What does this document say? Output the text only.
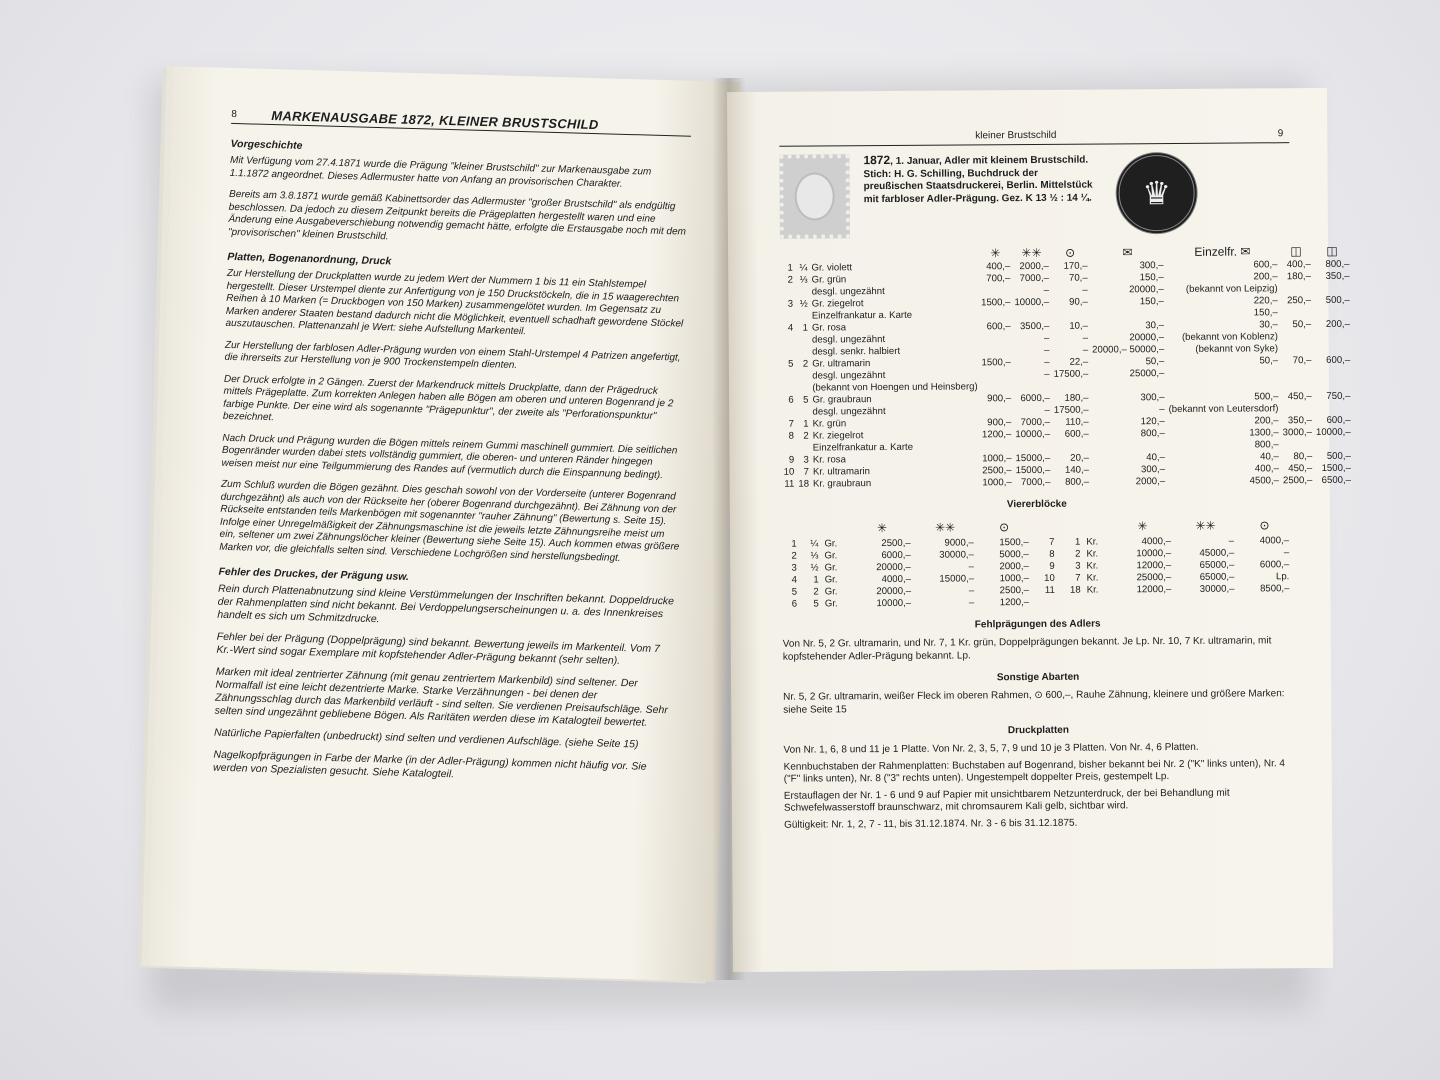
8	MARKENAUSGABE 1872, KLEINER BRUSTSCHILD
Vorgeschichte

Mit Verfügung vom 27.4.1871 wurde die Prägung "kleiner Brustschild" zur Markenausgabe zum 1.1.1872 angeordnet. Dieses Adlermuster hatte von Anfang an provisorischen Charakter.

Bereits am 3.8.1871 wurde gemäß Kabinettsorder das Adlermuster "großer Brustschild" als endgültig beschlossen. Da jedoch zu diesem Zeitpunkt bereits die Prägeplatten hergestellt waren und eine Änderung eine Ausgabeverschiebung notwendig gemacht hätte, erfolgte die Erstausgabe noch mit dem "provisorischen" kleinen Brustschild.

Platten, Bogenanordnung, Druck

Zur Herstellung der Druckplatten wurde zu jedem Wert der Nummern 1 bis 11 ein Stahlstempel hergestellt. Dieser Urstempel diente zur Anfertigung von je 150 Druckstöckeln, die in 15 waagerechten Reihen à 10 Marken (= Druckbogen von 150 Marken) zusammengelötet wurden. Im Gegensatz zu Marken anderer Staaten bestand dadurch nicht die Möglichkeit, eventuell schadhaft gewordene Stöckel auszutauschen. Plattenanzahl je Wert: siehe Aufstellung Markenteil.

Zur Herstellung der farblosen Adler-Prägung wurden von einem Stahl-Urstempel 4 Patrizen angefertigt, die ihrerseits zur Herstellung von je 900 Trockenstempeln dienten.

Der Druck erfolgte in 2 Gängen. Zuerst der Markendruck mittels Druckplatte, dann der Prägedruck mittels Prägeplatte. Zum korrekten Anlegen haben alle Bögen am oberen und unteren Bogenrand je 2 farbige Punkte. Der eine wird als sogenannte "Prägepunktur", der zweite als "Perforationspunktur" bezeichnet.

Nach Druck und Prägung wurden die Bögen mittels reinem Gummi maschinell gummiert. Die seitlichen Bogenränder wurden dabei stets vollständig gummiert, die oberen- und unteren Ränder hingegen weisen meist nur eine Teilgummierung des Randes auf (vermutlich durch die Einspannung bedingt).

Zum Schluß wurden die Bögen gezähnt. Dies geschah sowohl von der Vorderseite (unterer Bogenrand durchgezähnt) als auch von der Rückseite her (oberer Bogenrand durchgezähnt). Bei Zähnung von der Rückseite entstanden teils Markenbögen mit sogenannter "rauher Zähnung" (Bewertung s. Seite 15). Infolge einer Unregelmäßigkeit der Zähnungsmaschine ist die jeweils letzte Zähnungsreihe meist um ein, seltener um zwei Zähnungslöcher kleiner (Bewertung siehe Seite 15). Auch kommen etwas größere Marken vor, die gleichfalls selten sind. Verschiedene Lochgrößen sind herstellungsbedingt.

Fehler des Druckes, der Prägung usw.

Rein durch Plattenabnutzung sind kleine Verstümmelungen der Inschriften bekannt. Doppeldrucke der Rahmenplatten sind nicht bekannt. Bei Verdoppelungserscheinungen u. a. des Innenkreises handelt es sich um Schmitzdrucke.

Fehler bei der Prägung (Doppelprägung) sind bekannt. Bewertung jeweils im Markenteil. Vom 7 Kr.-Wert sind sogar Exemplare mit kopfstehender Adler-Prägung bekannt (sehr selten).

Marken mit ideal zentrierter Zähnung (mit genau zentriertem Markenbild) sind seltener. Der Normalfall ist eine leicht dezentrierte Marke. Starke Verzähnungen - bei denen der Zähnungsschlag durch das Markenbild verläuft - sind selten. Sie verdienen Preisaufschläge. Sehr selten sind ungezähnt gebliebene Bögen. Als Raritäten werden diese im Katalogteil bewertet.

Natürliche Papierfalten (unbedruckt) sind selten und verdienen Aufschläge. (siehe Seite 15)

Nagelkopfprägungen in Farbe der Marke (in der Adler-Prägung) kommen nicht häufig vor. Sie werden von Spezialisten gesucht. Siehe Katalogteil.

kleiner Brustschild	9
1872, 1. Januar, Adler mit kleinem Brustschild. Stich: H. G. Schilling, Buchdruck der preußischen Staatsdruckerei, Berlin. Mittelstück mit farbloser Adler-Prägung. Gez. K 13 ½ : 14 ¼.	♛
			✳	✳✳	⊙	✉	Einzelfr. ✉	◫	◫
1	¼	Gr. violett	400,–	2000,–	170,–	300,–	600,–	400,–	800,–
2	⅓	Gr. grün	700,–	7000,–	70,–	150,–	200,–	180,–	350,–
		desgl. ungezähnt		–	–	20000,–	(bekannt von Leipzig)		
3	½	Gr. ziegelrot	1500,–	10000,–	90,–	150,–	220,–	250,–	500,–
		Einzelfrankatur a. Karte					150,–		
4	1	Gr. rosa	600,–	3500,–	10,–	30,–	30,–	50,–	200,–
		desgl. ungezähnt		–	–	20000,–	(bekannt von Koblenz)		
		desgl. senkr. halbiert		–	–	20000,– 50000,–	(bekannt von Syke)		
5	2	Gr. ultramarin	1500,–	–	22,–	50,–	50,–	70,–	600,–
		desgl. ungezähnt		–	17500,–	25000,–			
		(bekannt von Hoengen und Heinsberg)							
6	5	Gr. graubraun	900,–	6000,–	180,–	300,–	500,–	450,–	750,–
		desgl. ungezähnt		–	17500,–	–	(bekannt von Leutersdorf)		
7	1	Kr. grün	900,–	7000,–	110,–	120,–	200,–	350,–	600,–
8	2	Kr. ziegelrot	1200,–	10000,–	600,–	800,–	1300,–	3000,–	10000,–
		Einzelfrankatur a. Karte					800,–		
9	3	Kr. rosa	1000,–	15000,–	20,–	40,–	40,–	80,–	500,–
10	7	Kr. ultramarin	2500,–	15000,–	140,–	300,–	400,–	450,–	1500,–
11	18	Kr. graubraun	1000,–	7000,–	800,–	2000,–	4500,–	2500,–	6500,–
Viererblöcke
			✳	✳✳	⊙				✳	✳✳	⊙
1	¼	Gr.	2500,–	9000,–	1500,–	7	1	Kr.	4000,–	–	4000,–
2	⅓	Gr.	6000,–	30000,–	5000,–	8	2	Kr.	10000,–	45000,–	–
3	½	Gr.	20000,–	–	2000,–	9	3	Kr.	12000,–	65000,–	6000,–
4	1	Gr.	4000,–	15000,–	1000,–	10	7	Kr.	25000,–	65000,–	Lp.
5	2	Gr.	20000,–	–	2500,–	11	18	Kr.	12000,–	30000,–	8500,–
6	5	Gr.	10000,–	–	1200,–						
Fehlprägungen des Adlers

Von Nr. 5, 2 Gr. ultramarin, und Nr. 7, 1 Kr. grün, Doppelprägungen bekannt. Je Lp. Nr. 10, 7 Kr. ultramarin, mit kopfstehender Adler-Prägung bekannt. Lp.

Sonstige Abarten

Nr. 5, 2 Gr. ultramarin, weißer Fleck im oberen Rahmen, ⊙ 600,–, Rauhe Zähnung, kleinere und größere Marken: siehe Seite 15

Druckplatten

Von Nr. 1, 6, 8 und 11 je 1 Platte. Von Nr. 2, 3, 5, 7, 9 und 10 je 3 Platten. Von Nr. 4, 6 Platten.

Kennbuchstaben der Rahmenplatten: Buchstaben auf Bogenrand, bisher bekannt bei Nr. 2 ("K" links unten), Nr. 4 ("F" links unten), Nr. 8 ("3" rechts unten). Ungestempelt doppelter Preis, gestempelt Lp.

Erstauflagen der Nr. 1 - 6 und 9 auf Papier mit unsichtbarem Netzunterdruck, der bei Behandlung mit Schwefelwasserstoff braunschwarz, mit chromsaurem Kali gelb, sichtbar wird.

Gültigkeit: Nr. 1, 2, 7 - 11, bis 31.12.1874. Nr. 3 - 6 bis 31.12.1875.
